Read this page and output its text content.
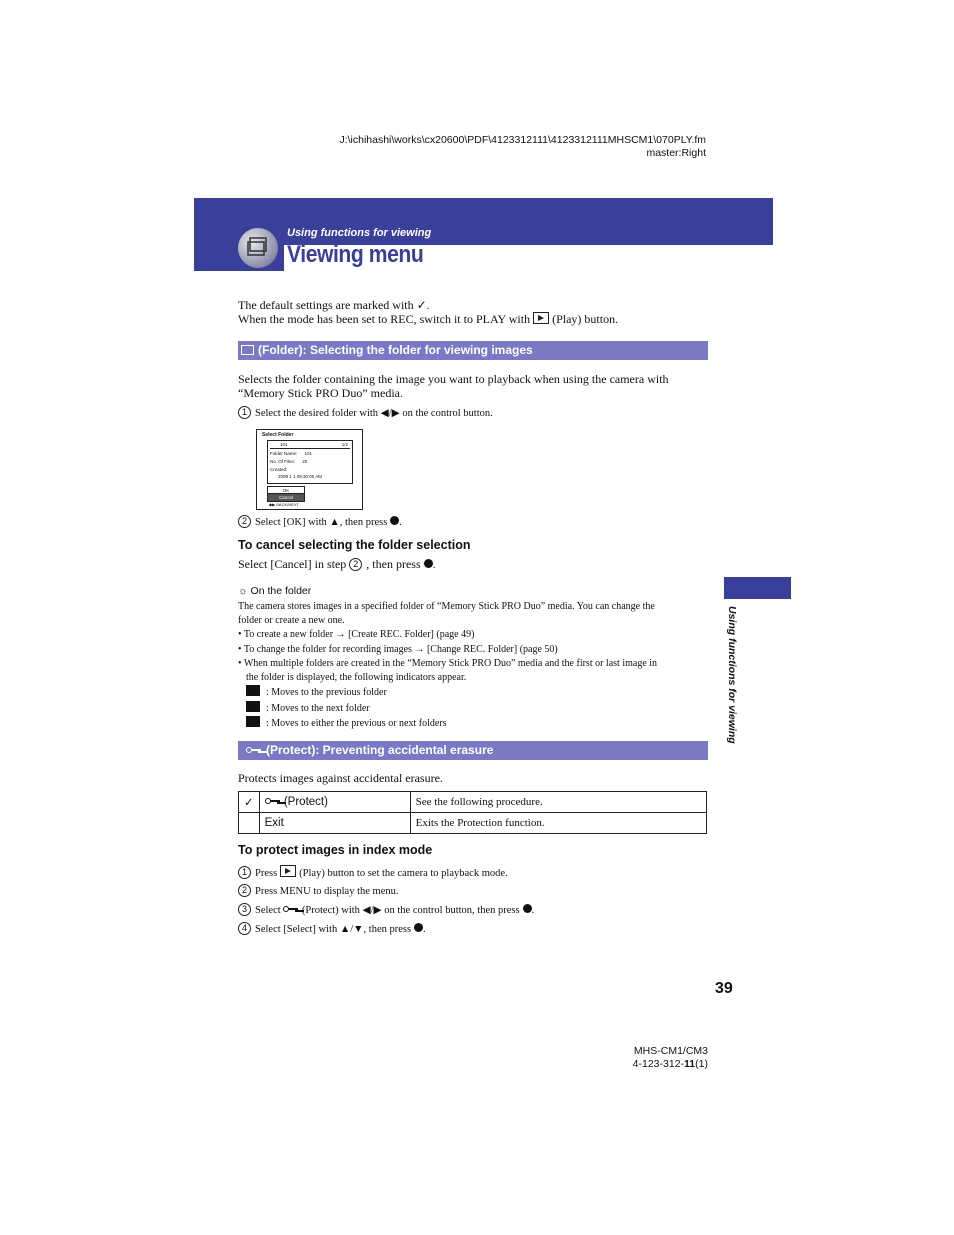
J:\ichihashi\works\cx20600\PDF\4123312111\4123312111MHSCM1\070PLY.fm
master:Right
Using functions for viewing
Viewing menu
The default settings are marked with ✓.
When the mode has been set to REC, switch it to PLAY with (Play) button.
(Folder): Selecting the folder for viewing images
Selects the folder containing the image you want to playback when using the camera with
“Memory Stick PRO Duo” media.
1 Select the desired folder with ◀/▶ on the control button.
Select Folder
101	1/2
Folder Name: 101
No. Of Files: 20
Created:
2009 1 1 09:30:00 AM
OK
Cancel
◆▶ BACK/NEXT
2 Select [OK] with ▲, then press .
To cancel selecting the folder selection
Select [Cancel] in step 2 , then press .
☼ On the folder
The camera stores images in a specified folder of “Memory Stick PRO Duo” media. You can change the
folder or create a new one.
• To create a new folder → [Create REC. Folder] (page 49)
• To change the folder for recording images → [Change REC. Folder] (page 50)
• When multiple folders are created in the “Memory Stick PRO Duo” media and the first or last image in
the folder is displayed, the following indicators appear.
: Moves to the previous folder
: Moves to the next folder
: Moves to either the previous or next folders
(Protect): Preventing accidental erasure
Protects images against accidental erasure.
✓	(Protect)	See the following procedure.
	Exit	Exits the Protection function.
To protect images in index mode
1 Press (Play) button to set the camera to playback mode.
2 Press MENU to display the menu.
3 Select (Protect) with ◀/▶ on the control button, then press .
4 Select [Select] with ▲/▼, then press .
Using functions for viewing
39
MHS-CM1/CM3
4-123-312-11(1)
